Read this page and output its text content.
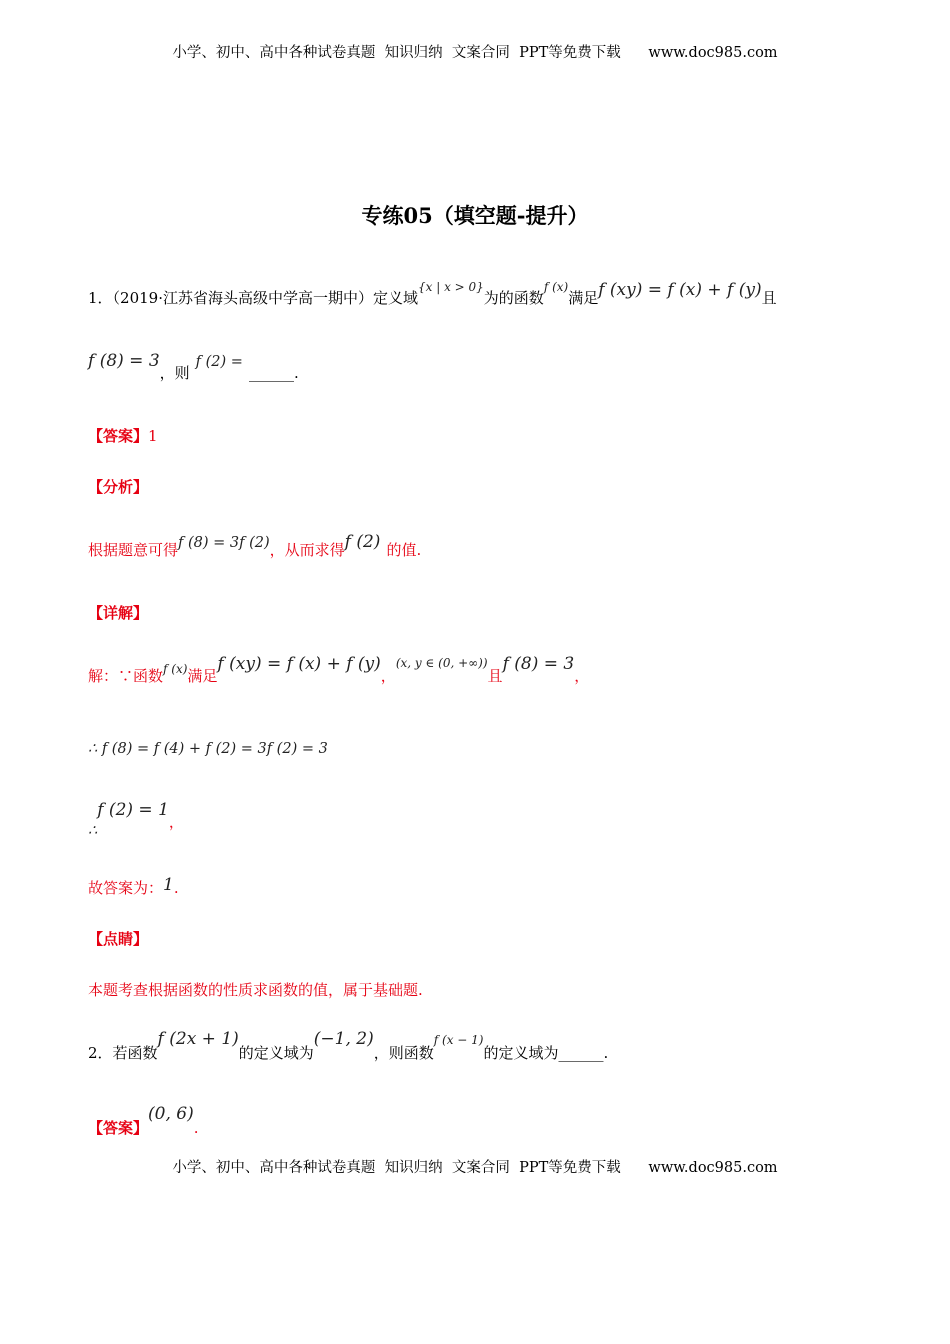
小学、初中、高中各种试卷真题  知识归纳  文案合同  PPT等免费下载      www.doc985.com
专练05（填空题-提升）
1．（2019·江苏省海头高级中学高一期中）定义域{x | x > 0}为的函数f (x)满足f (xy) = f (x) + f (y)且
f (8) = 3，则f (2) =______.
【答案】1
【分析】
根据题意可得f (8) = 3f (2)，从而求得f (2) 的值.
【详解】
解：∵函数f (x)满足f (xy) = f (x) + f (y)，(x, y ∈ (0, +∞))且f (8) = 3，
∴ f (8) = f (4) + f (2) = 3f (2) = 3
∴f (2) = 1，
故答案为：1.
【点睛】
本题考查根据函数的性质求函数的值，属于基础题.
2．若函数f (2x + 1)的定义域为(−1, 2)，则函数f (x − 1)的定义域为______.
【答案】(0, 6).
小学、初中、高中各种试卷真题  知识归纳  文案合同  PPT等免费下载      www.doc985.com
